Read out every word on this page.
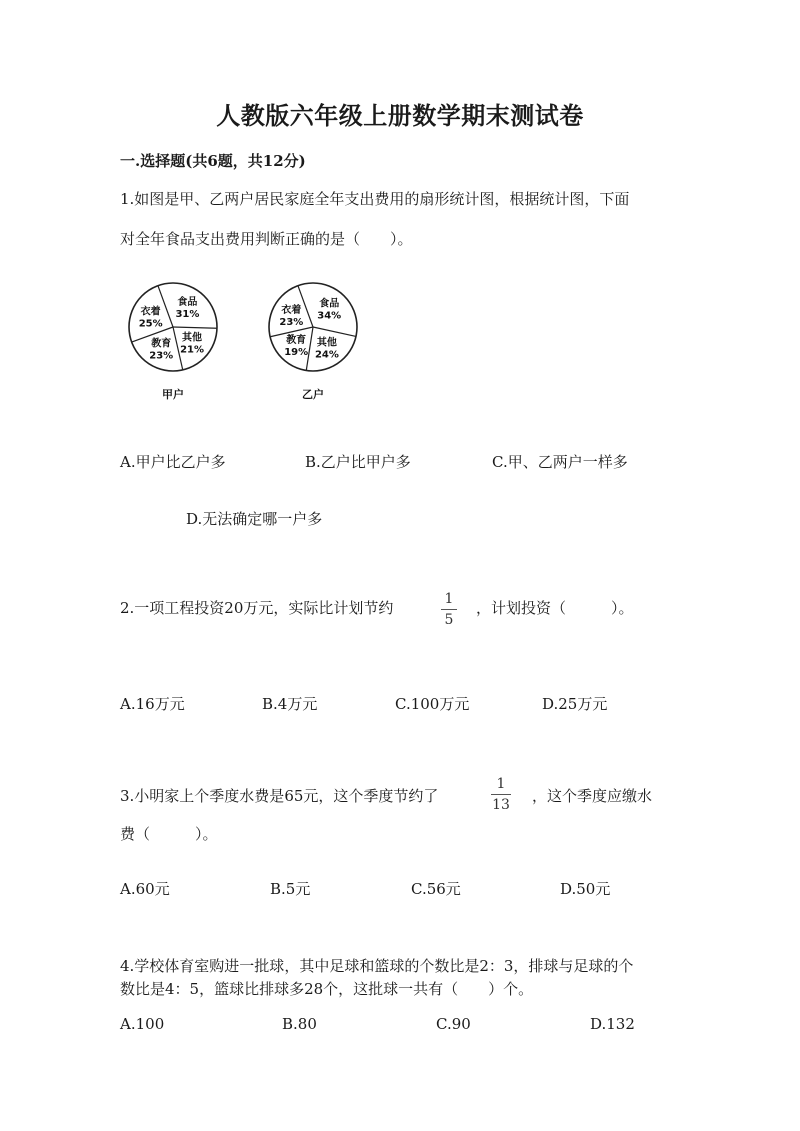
人教版六年级上册数学期末测试卷
一.选择题(共6题，共12分)
1.如图是甲、乙两户居民家庭全年支出费用的扇形统计图，根据统计图，下面
对全年食品支出费用判断正确的是（　　）。
食品
31%
其他
21%
教育
23%
衣着
25%
甲户
食品
34%
其他
24%
教育
19%
衣着
23%
乙户
A.甲户比乙户多	B.乙户比甲户多	C.甲、乙两户一样多
D.无法确定哪一户多
2.一项工程投资20万元，实际比计划节约	1
5
，计划投资（　　　）。
A.16万元	B.4万元	C.100万元	D.25万元
3.小明家上个季度水费是65元，这个季度节约了
1
13 ，这个季度应缴水
费（　　　）。
A.60元	B.5元	C.56元	D.50元
4.学校体育室购进一批球，其中足球和篮球的个数比是2：3，排球与足球的个
数比是4：5，篮球比排球多28个，这批球一共有（　　）个。
A.100	B.80	C.90	D.132
